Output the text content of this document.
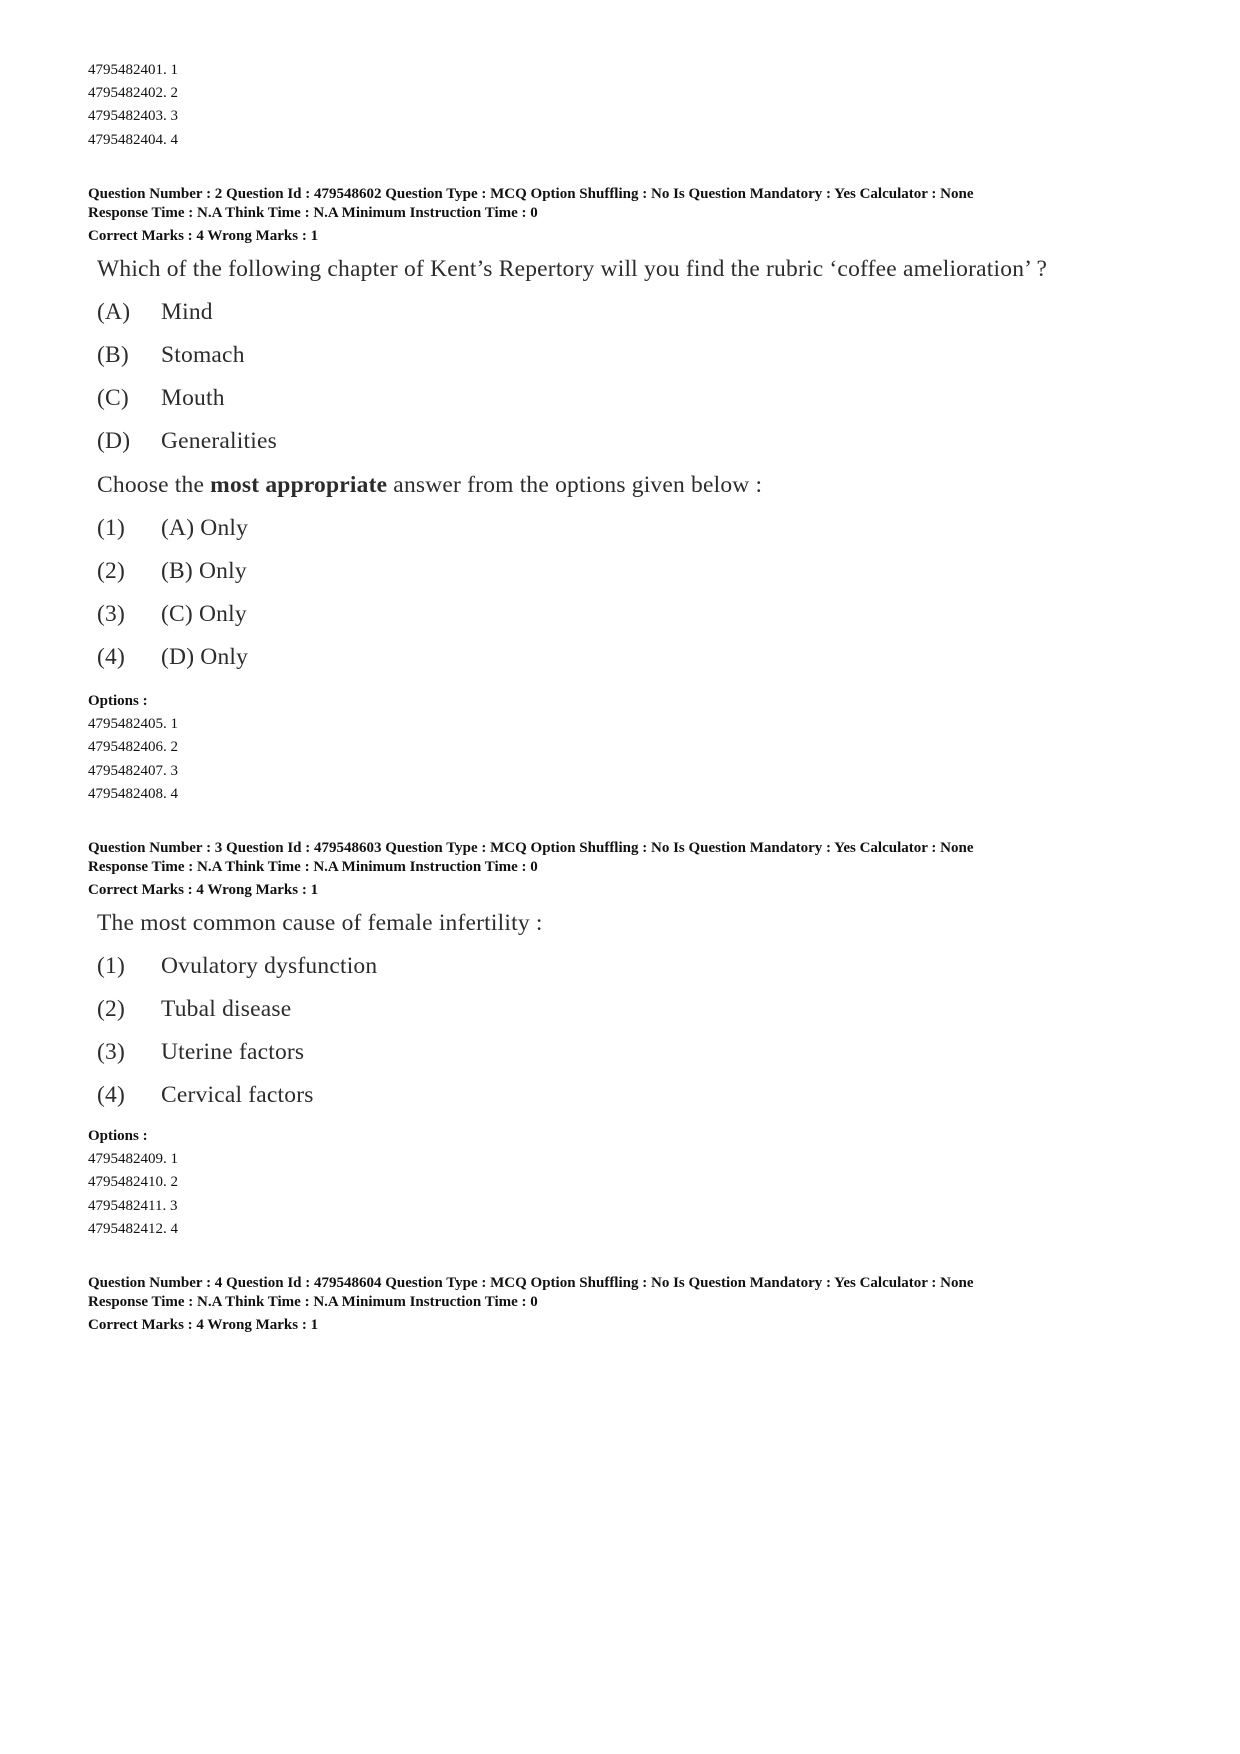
4795482401. 1
4795482402. 2
4795482403. 3
4795482404. 4
Question Number : 2 Question Id : 479548602 Question Type : MCQ Option Shuffling : No Is Question Mandatory : Yes Calculator : None
Response Time : N.A Think Time : N.A Minimum Instruction Time : 0
Correct Marks : 4 Wrong Marks : 1
Which of the following chapter of Kent’s Repertory will you find the rubric ‘coffee amelioration’ ?
(A) Mind
(B) Stomach
(C) Mouth
(D) Generalities
Choose the most appropriate answer from the options given below :
(1) (A) Only
(2) (B) Only
(3) (C) Only
(4) (D) Only
Options :
4795482405. 1
4795482406. 2
4795482407. 3
4795482408. 4
Question Number : 3 Question Id : 479548603 Question Type : MCQ Option Shuffling : No Is Question Mandatory : Yes Calculator : None
Response Time : N.A Think Time : N.A Minimum Instruction Time : 0
Correct Marks : 4 Wrong Marks : 1
The most common cause of female infertility :
(1) Ovulatory dysfunction
(2) Tubal disease
(3) Uterine factors
(4) Cervical factors
Options :
4795482409. 1
4795482410. 2
4795482411. 3
4795482412. 4
Question Number : 4 Question Id : 479548604 Question Type : MCQ Option Shuffling : No Is Question Mandatory : Yes Calculator : None
Response Time : N.A Think Time : N.A Minimum Instruction Time : 0
Correct Marks : 4 Wrong Marks : 1
